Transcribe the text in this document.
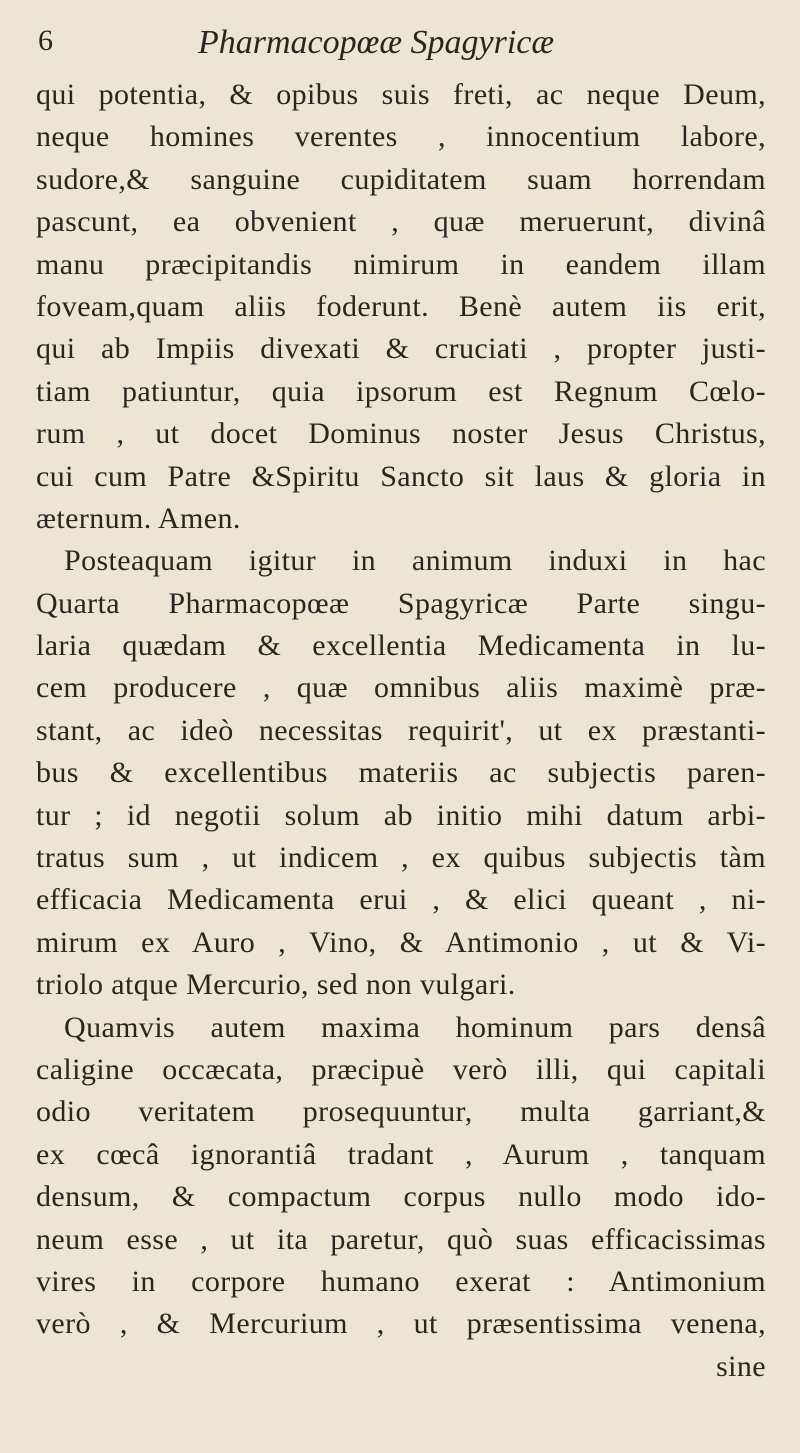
6	Pharmacopœæ Spagyricæ
qui potentia, & opibus suis freti, ac neque Deum,
neque homines verentes , innocentium labore,
sudore,& sanguine cupiditatem suam horrendam
pascunt, ea obvenient , quæ meruerunt, divinâ
manu præcipitandis nimirum in eandem illam
foveam,quam aliis foderunt. Benè autem iis erit,
qui ab Impiis divexati & cruciati , propter justi-
tiam patiuntur, quia ipsorum est Regnum Cœlo-
rum , ut docet Dominus noster Jesus Christus,
cui cum Patre &Spiritu Sancto sit laus & gloria in
æternum. Amen.
Posteaquam igitur in animum induxi in hac
Quarta Pharmacopœæ Spagyricæ Parte singu-
laria quædam & excellentia Medicamenta in lu-
cem producere , quæ omnibus aliis maximè præ-
stant, ac ideò necessitas requirit', ut ex præstanti-
bus & excellentibus materiis ac subjectis paren-
tur ; id negotii solum ab initio mihi datum arbi-
tratus sum , ut indicem , ex quibus subjectis tàm
efficacia Medicamenta erui , & elici queant , ni-
mirum ex Auro , Vino, & Antimonio , ut & Vi-
triolo atque Mercurio, sed non vulgari.
Quamvis autem maxima hominum pars densâ
caligine occæcata, præcipuè verò illi, qui capitali
odio veritatem prosequuntur, multa garriant,&
ex cœcâ ignorantiâ tradant , Aurum , tanquam
densum, & compactum corpus nullo modo ido-
neum esse , ut ita paretur, quò suas efficacissimas
vires in corpore humano exerat : Antimonium
verò , & Mercurium , ut præsentissima venena,
sine
